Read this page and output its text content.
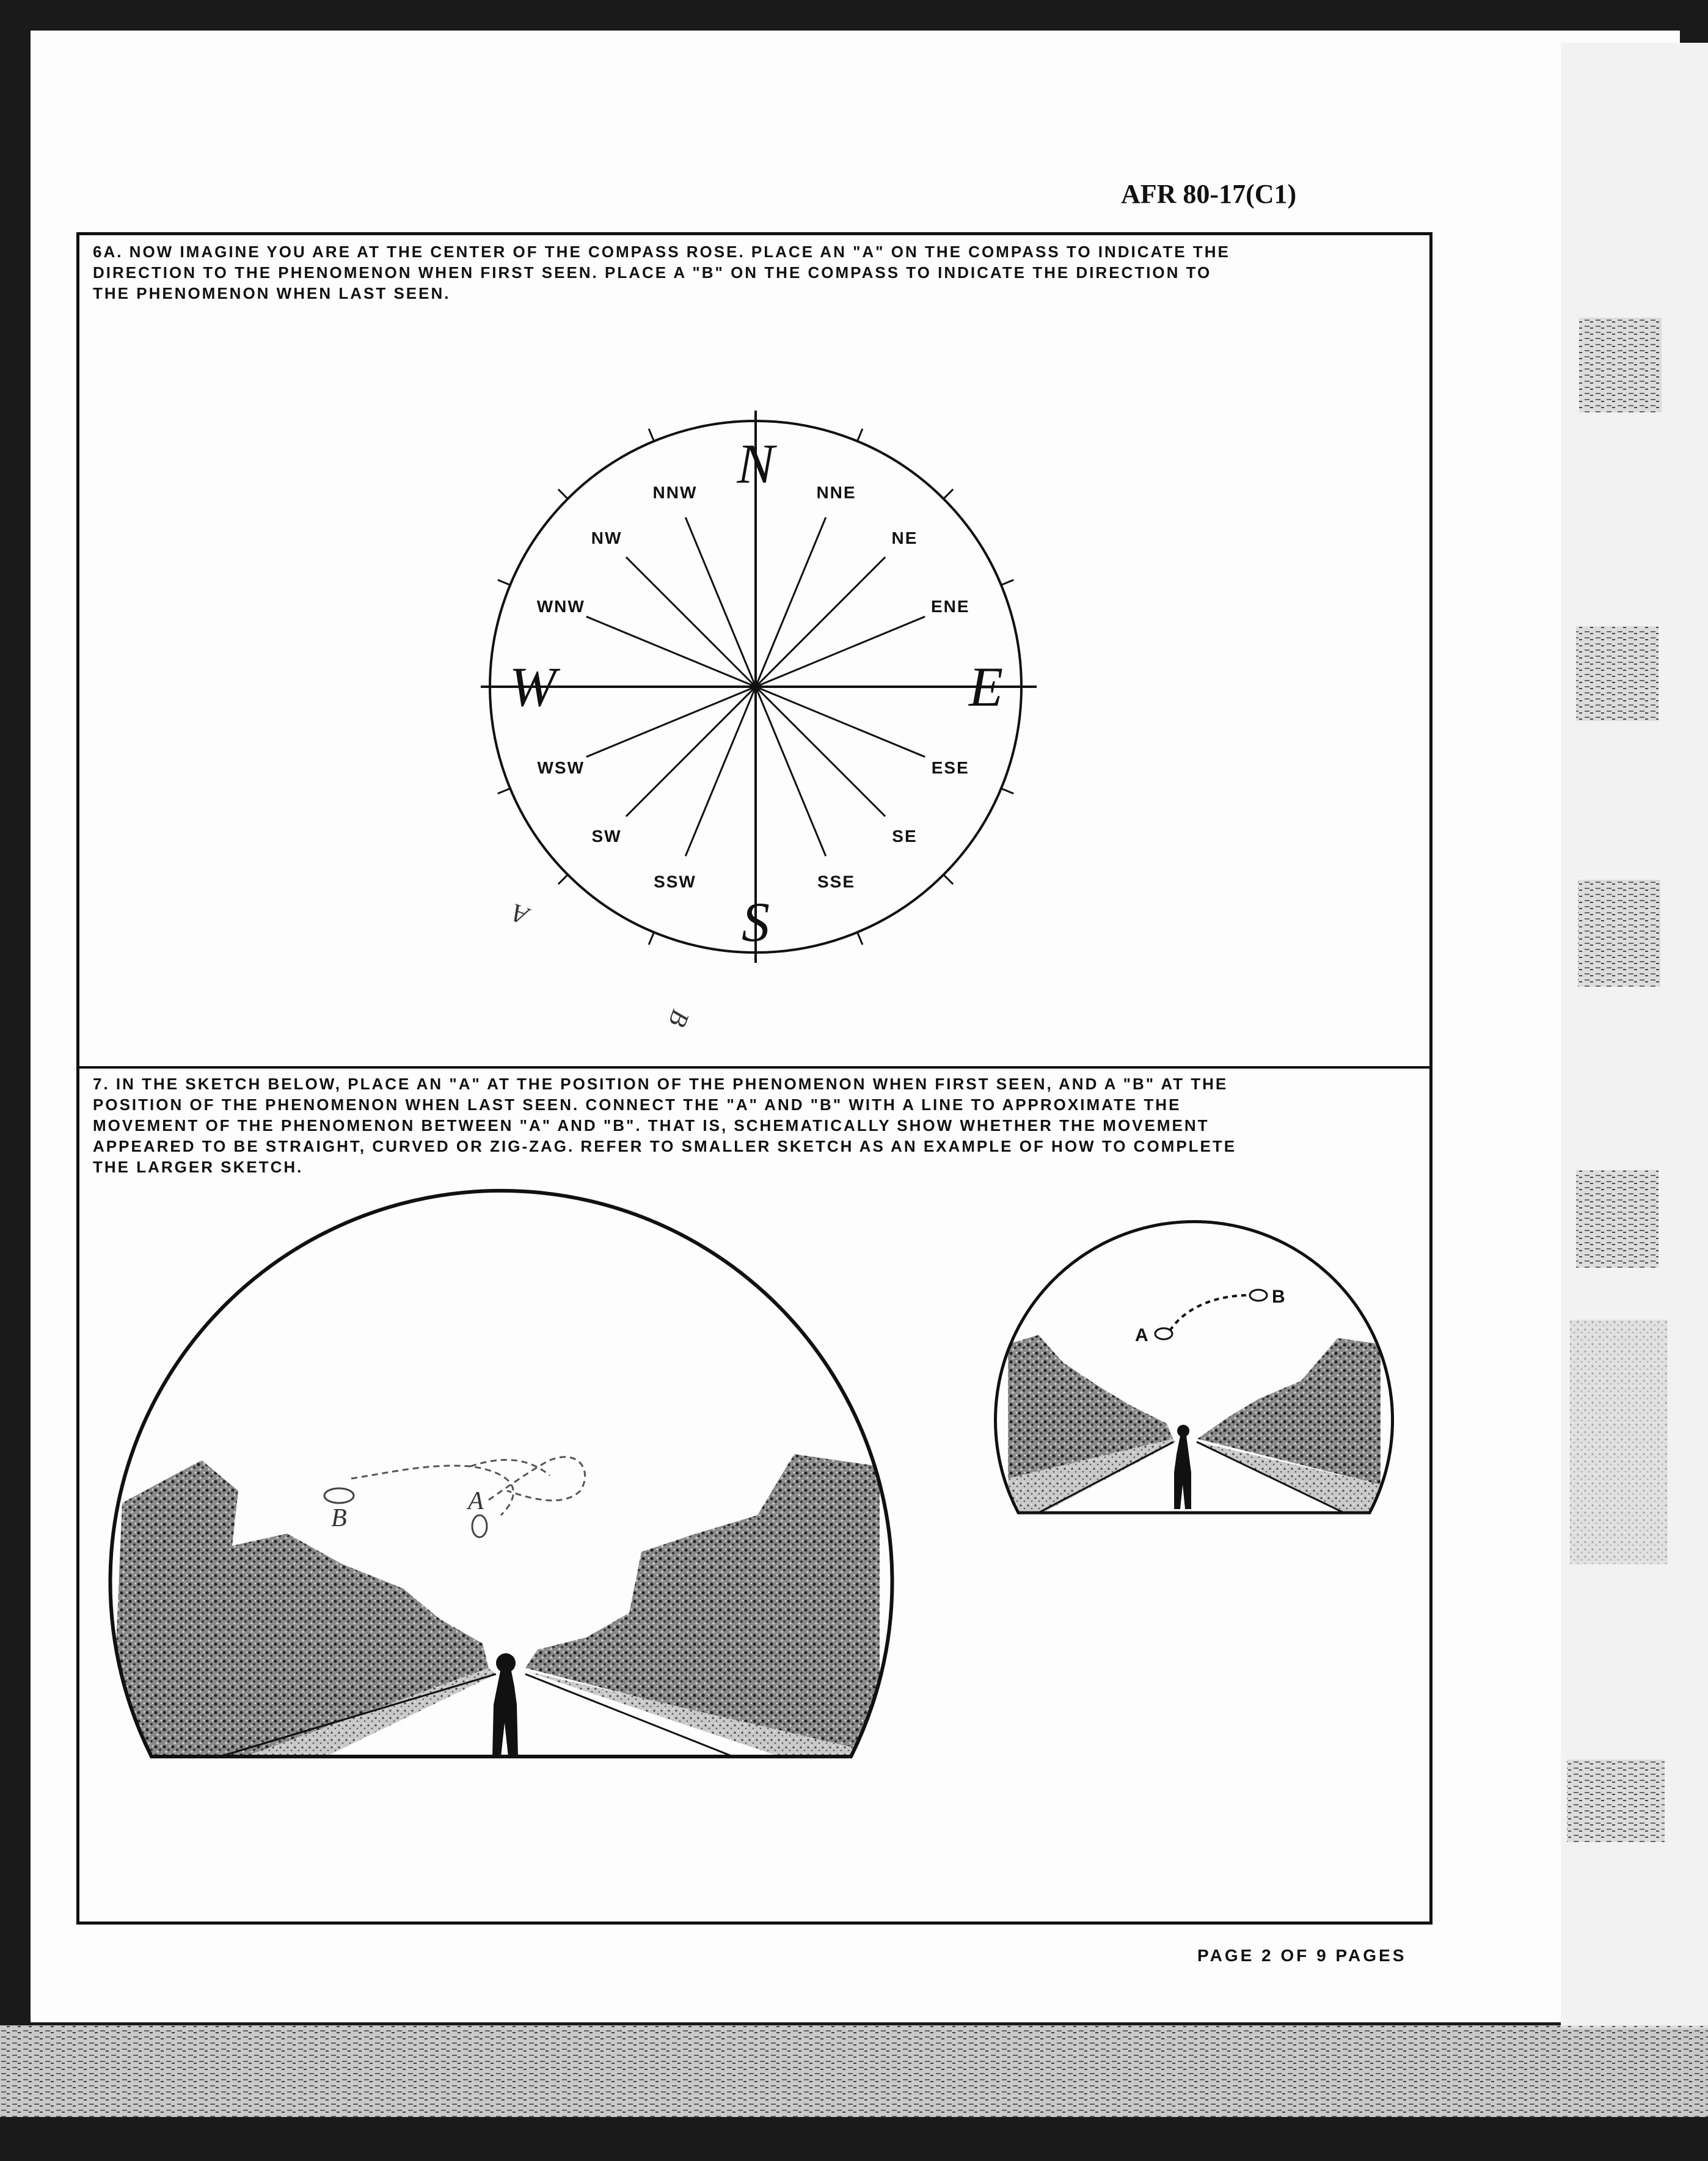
AFR 80-17(C1)
6A. NOW IMAGINE YOU ARE AT THE CENTER OF THE COMPASS ROSE. PLACE AN "A" ON THE COMPASS TO INDICATE THE
DIRECTION TO THE PHENOMENON WHEN FIRST SEEN. PLACE A "B" ON THE COMPASS TO INDICATE THE DIRECTION TO
THE PHENOMENON WHEN LAST SEEN.
7. IN THE SKETCH BELOW, PLACE AN "A" AT THE POSITION OF THE PHENOMENON WHEN FIRST SEEN, AND A "B" AT THE
POSITION OF THE PHENOMENON WHEN LAST SEEN. CONNECT THE "A" AND "B" WITH A LINE TO APPROXIMATE THE
MOVEMENT OF THE PHENOMENON BETWEEN "A" AND "B". THAT IS, SCHEMATICALLY SHOW WHETHER THE MOVEMENT
APPEARED TO BE STRAIGHT, CURVED OR ZIG-ZAG. REFER TO SMALLER SKETCH AS AN EXAMPLE OF HOW TO COMPLETE
THE LARGER SKETCH.
NNW	NNE
NW	NE
WNW	ENE
WSW	ESE
SW	SE
SSW	SSE
N
S
W	E
A
B
B
A
A
B
PAGE 2 OF 9 PAGES
